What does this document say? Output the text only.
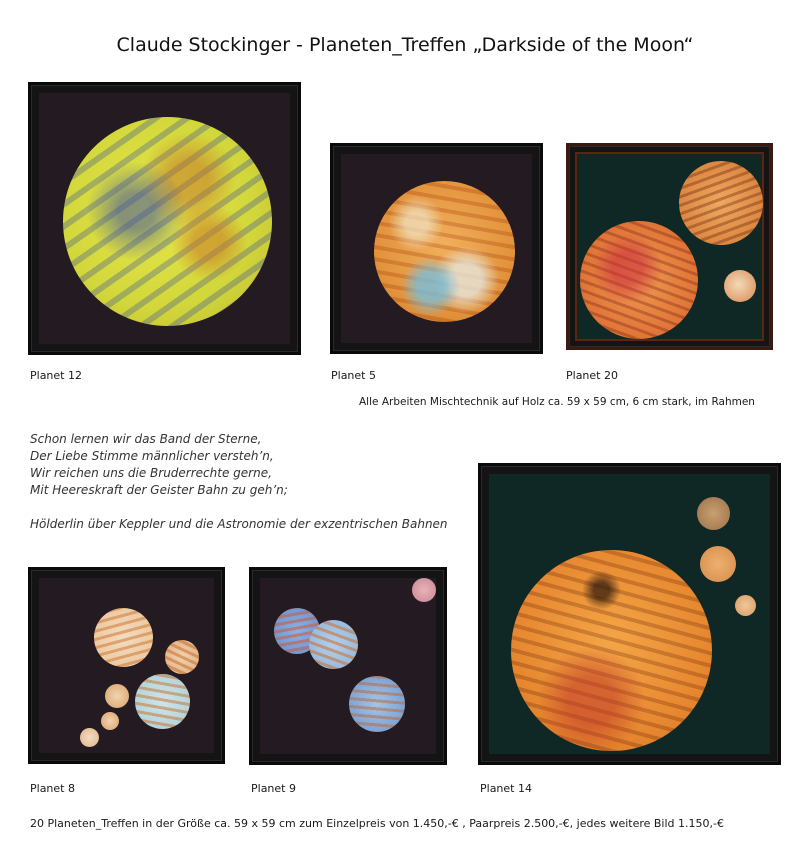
Claude Stockinger - Planeten_Treffen „Darkside of the Moon“
Planet 12	Planet 5	Planet 20
Alle Arbeiten Mischtechnik auf Holz ca. 59 x 59 cm, 6 cm stark, im Rahmen
Schon lernen wir das Band der Sterne,
Der Liebe Stimme männlicher versteh’n,
Wir reichen uns die Bruderrechte gerne,
Mit Heereskraft der Geister Bahn zu geh’n;
Hölderlin über Keppler und die Astronomie der exzentrischen Bahnen
Planet 8	Planet 9	Planet 14
20 Planeten_Treffen in der Größe ca. 59 x 59 cm zum Einzelpreis von 1.450,-€ , Paarpreis 2.500,-€, jedes weitere Bild 1.150,-€
